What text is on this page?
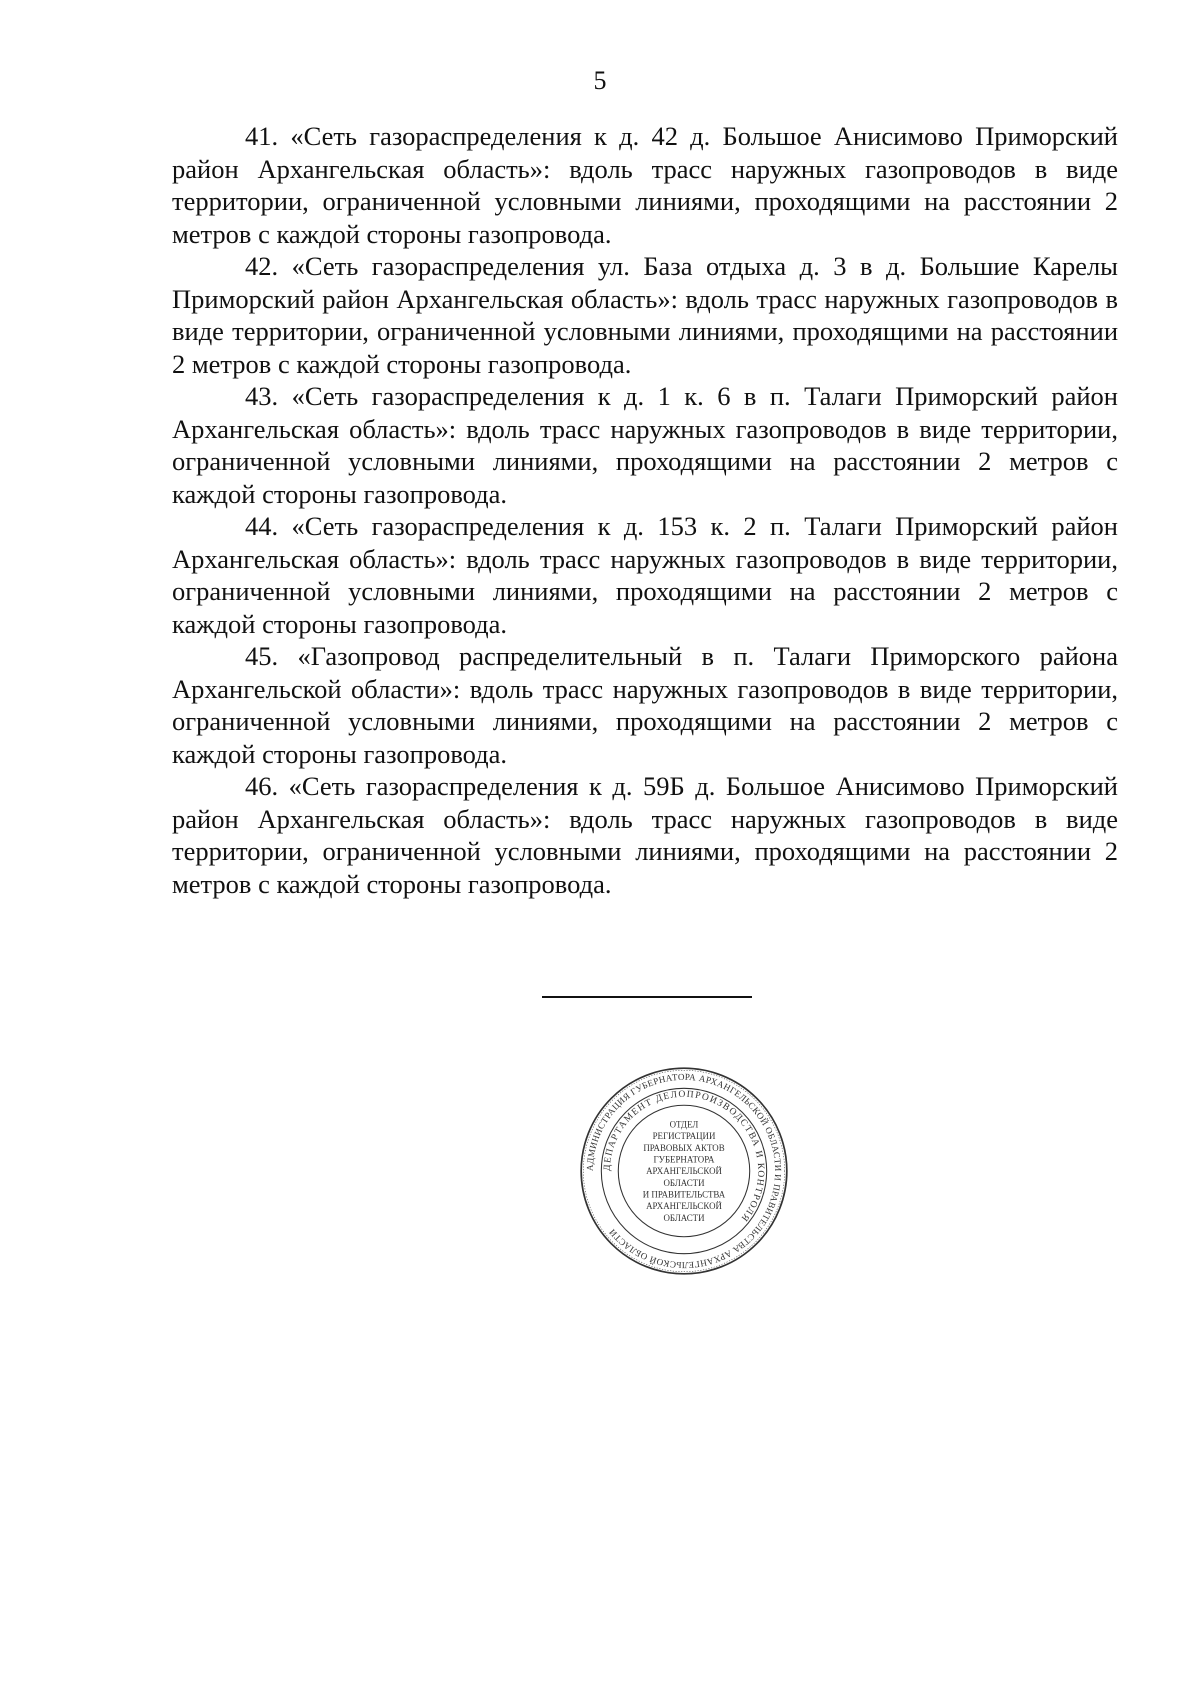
5

41. «Сеть газораспределения к д. 42 д. Большое Анисимово Приморский район Архангельская область»: вдоль трасс наружных газопроводов в виде территории, ограниченной условными линиями, проходящими на расстоянии 2 метров с каждой стороны газопровода.

42. «Сеть газораспределения ул. База отдыха д. 3 в д. Большие Карелы Приморский район Архангельская область»: вдоль трасс наружных газопроводов в виде территории, ограниченной условными линиями, проходящими на расстоянии 2 метров с каждой стороны газопровода.

43. «Сеть газораспределения к д. 1 к. 6 в п. Талаги Приморский район Архангельская область»: вдоль трасс наружных газопроводов в виде территории, ограниченной условными линиями, проходящими на расстоянии 2 метров с каждой стороны газопровода.

44. «Сеть газораспределения к д. 153 к. 2 п. Талаги Приморский район Архангельская область»: вдоль трасс наружных газопроводов в виде территории, ограниченной условными линиями, проходящими на расстоянии 2 метров с каждой стороны газопровода.

45. «Газопровод распределительный в п. Талаги Приморского района Архангельской области»: вдоль трасс наружных газопроводов в виде территории, ограниченной условными линиями, проходящими на расстоянии 2 метров с каждой стороны газопровода.

46. «Сеть газораспределения к д. 59Б д. Большое Анисимово Приморский район Архангельская область»: вдоль трасс наружных газопроводов в виде территории, ограниченной условными линиями, проходящими на расстоянии 2 метров с каждой стороны газопровода.

АДМИНИСТРАЦИЯ ГУБЕРНАТОРА АРХАНГЕЛЬСКОЙ ОБЛАСТИ И ПРАВИТЕЛЬСТВА АРХАНГЕЛЬСКОЙ ОБЛАСТИ
ДЕПАРТАМЕНТ ДЕЛОПРОИЗВОДСТВА И КОНТРОЛЯ
ОТДЕЛ
РЕГИСТРАЦИИ
ПРАВОВЫХ АКТОВ
ГУБЕРНАТОРА
АРХАНГЕЛЬСКОЙ
ОБЛАСТИ
И ПРАВИТЕЛЬСТВА
АРХАНГЕЛЬСКОЙ
ОБЛАСТИ
